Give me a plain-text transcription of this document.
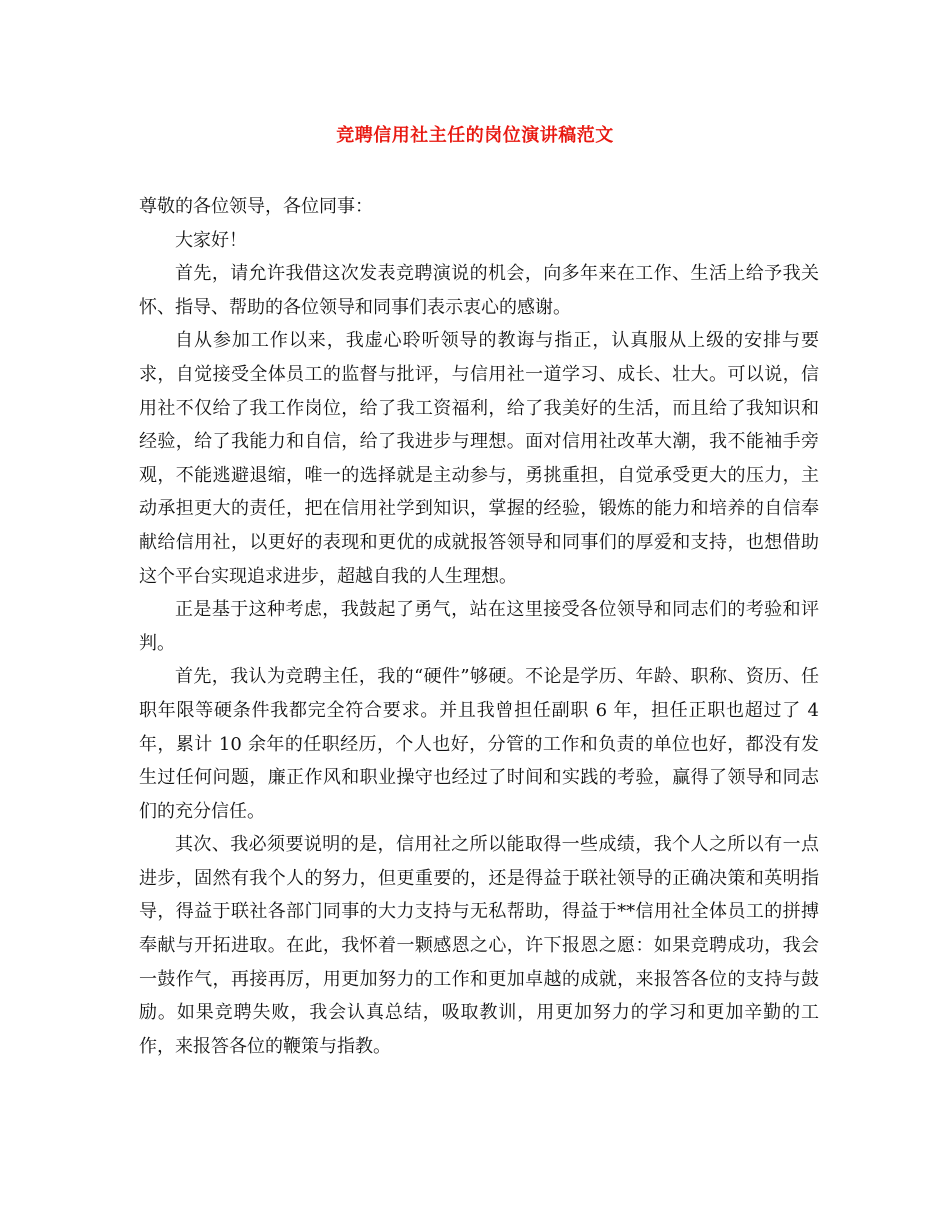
竞聘信用社主任的岗位演讲稿范文

尊敬的各位领导，各位同事：

大家好！

首先，请允许我借这次发表竞聘演说的机会，向多年来在工作、生活上给予我关怀、指导、帮助的各位领导和同事们表示衷心的感谢。

自从参加工作以来，我虚心聆听领导的教诲与指正，认真服从上级的安排与要求，自觉接受全体员工的监督与批评，与信用社一道学习、成长、壮大。可以说，信用社不仅给了我工作岗位，给了我工资福利，给了我美好的生活，而且给了我知识和经验，给了我能力和自信，给了我进步与理想。面对信用社改革大潮，我不能袖手旁观，不能逃避退缩，唯一的选择就是主动参与，勇挑重担，自觉承受更大的压力，主动承担更大的责任，把在信用社学到知识，掌握的经验，锻炼的能力和培养的自信奉献给信用社，以更好的表现和更优的成就报答领导和同事们的厚爱和支持，也想借助这个平台实现追求进步，超越自我的人生理想。

正是基于这种考虑，我鼓起了勇气，站在这里接受各位领导和同志们的考验和评判。

首先，我认为竞聘主任，我的“硬件”够硬。不论是学历、年龄、职称、资历、任职年限等硬条件我都完全符合要求。并且我曾担任副职 6 年，担任正职也超过了 4 年，累计 10 余年的任职经历，个人也好，分管的工作和负责的单位也好，都没有发生过任何问题，廉正作风和职业操守也经过了时间和实践的考验，赢得了领导和同志们的充分信任。

其次、我必须要说明的是，信用社之所以能取得一些成绩，我个人之所以有一点进步，固然有我个人的努力，但更重要的，还是得益于联社领导的正确决策和英明指导，得益于联社各部门同事的大力支持与无私帮助，得益于**信用社全体员工的拼搏奉献与开拓进取。在此，我怀着一颗感恩之心，许下报恩之愿：如果竞聘成功，我会一鼓作气，再接再厉，用更加努力的工作和更加卓越的成就，来报答各位的支持与鼓励。如果竞聘失败，我会认真总结，吸取教训，用更加努力的学习和更加辛勤的工作，来报答各位的鞭策与指教。
